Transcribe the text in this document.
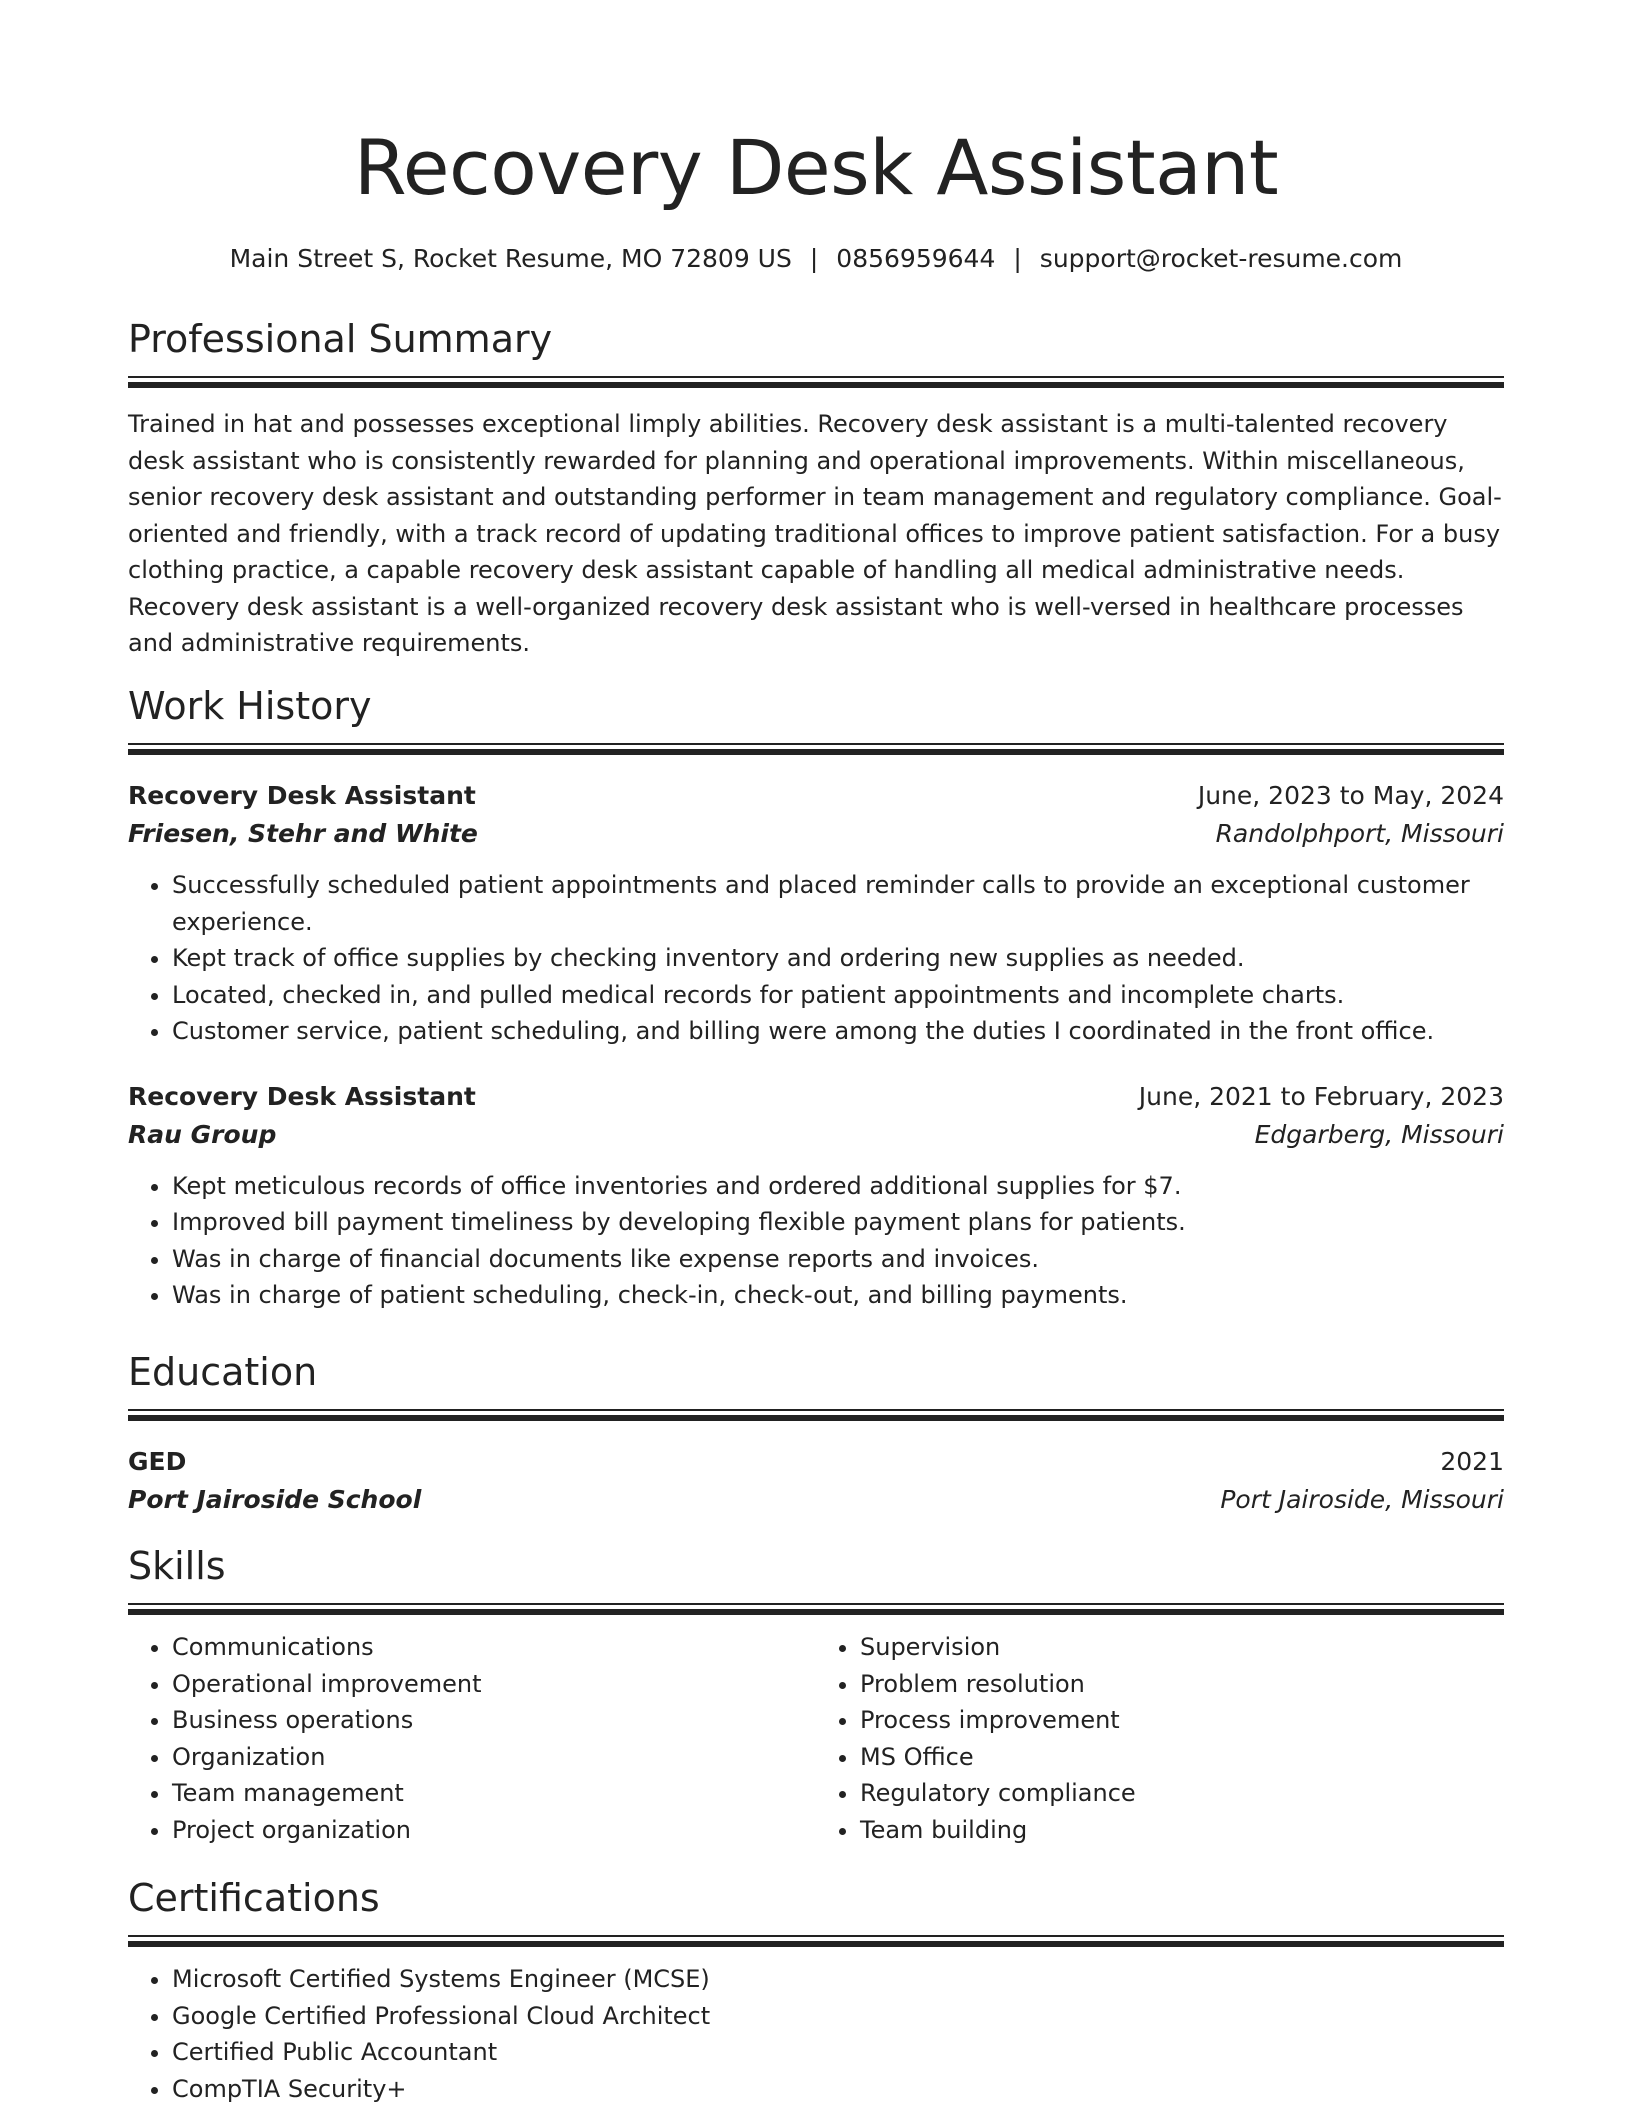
Recovery Desk Assistant
Main Street S, Rocket Resume, MO 72809 US | 0856959644 | support@rocket-resume.com
Professional Summary

Trained in hat and possesses exceptional limply abilities. Recovery desk assistant is a multi-talented recovery desk assistant who is consistently rewarded for planning and operational improvements. Within miscellaneous, senior recovery desk assistant and outstanding performer in team management and regulatory compliance. Goal-oriented and friendly, with a track record of updating traditional offices to improve patient satisfaction. For a busy clothing practice, a capable recovery desk assistant capable of handling all medical administrative needs. Recovery desk assistant is a well-organized recovery desk assistant who is well-versed in healthcare processes and administrative requirements.

Work History
Recovery Desk Assistant	June, 2023 to May, 2024
Friesen, Stehr and White	Randolphport, Missouri
• Successfully scheduled patient appointments and placed reminder calls to provide an exceptional customer experience.
• Kept track of office supplies by checking inventory and ordering new supplies as needed.
• Located, checked in, and pulled medical records for patient appointments and incomplete charts.
• Customer service, patient scheduling, and billing were among the duties I coordinated in the front office.
Recovery Desk Assistant	June, 2021 to February, 2023
Rau Group	Edgarberg, Missouri
• Kept meticulous records of office inventories and ordered additional supplies for $7.
• Improved bill payment timeliness by developing flexible payment plans for patients.
• Was in charge of financial documents like expense reports and invoices.
• Was in charge of patient scheduling, check-in, check-out, and billing payments.
Education
GED	2021
Port Jairoside School	Port Jairoside, Missouri
Skills
• Communications
• Operational improvement
• Business operations
• Organization
• Team management
• Project organization
• Supervision
• Problem resolution
• Process improvement
• MS Office
• Regulatory compliance
• Team building
Certifications
• Microsoft Certified Systems Engineer (MCSE)
• Google Certified Professional Cloud Architect
• Certified Public Accountant
• CompTIA Security+
